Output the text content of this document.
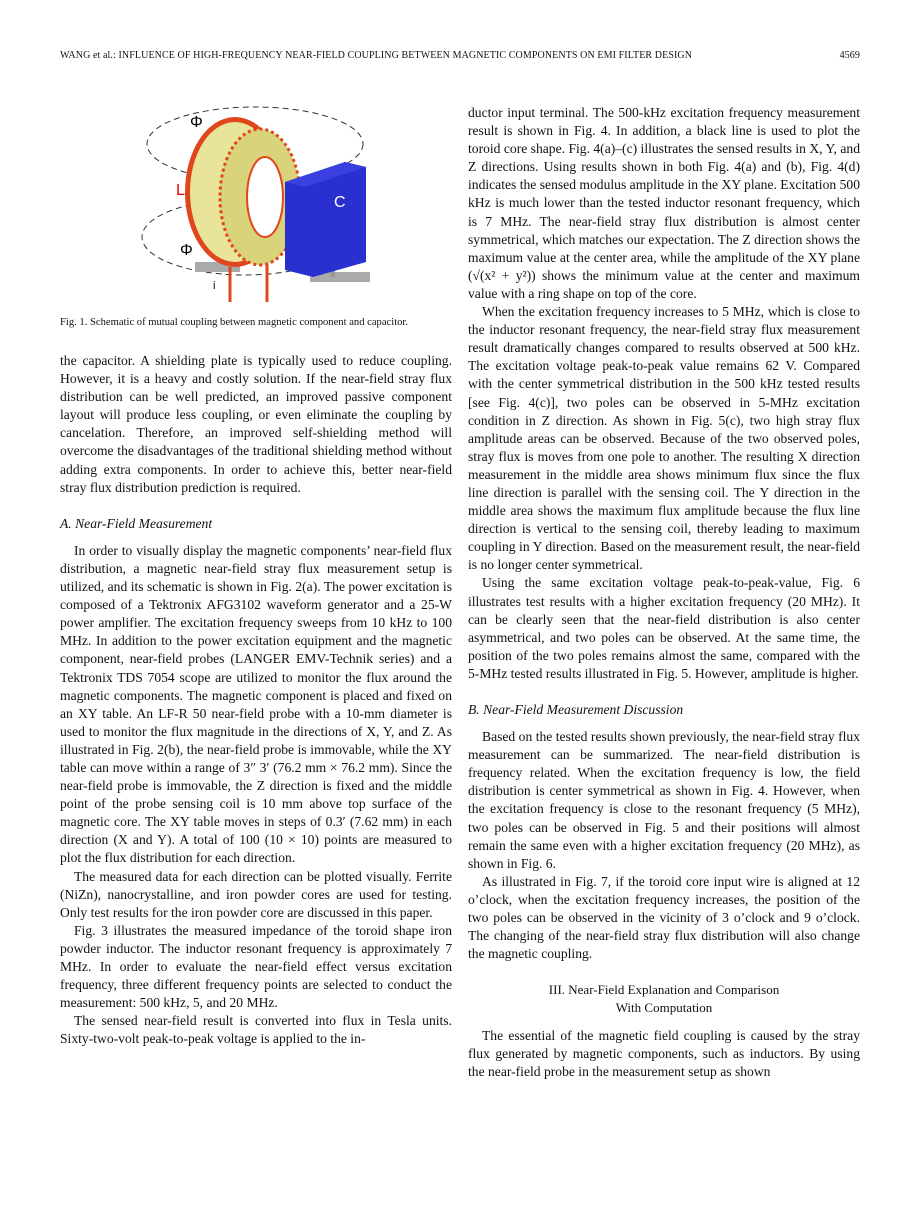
WANG et al.: INFLUENCE OF HIGH-FREQUENCY NEAR-FIELD COUPLING BETWEEN MAGNETIC COMPONENTS ON EMI FILTER DESIGN	4569
Φ
Φ
L
C
i
Fig. 1. Schematic of mutual coupling between magnetic component and capacitor.

the capacitor. A shielding plate is typically used to reduce coupling. However, it is a heavy and costly solution. If the near-field stray flux distribution can be well predicted, an improved passive component layout will produce less coupling, or even eliminate the coupling by cancelation. Therefore, an improved self-shielding method will overcome the disadvantages of the traditional shielding method without adding extra components. In order to achieve this, better near-field stray flux distribution prediction is required.

A. Near-Field Measurement

In order to visually display the magnetic components’ near-field flux distribution, a magnetic near-field stray flux measurement setup is utilized, and its schematic is shown in Fig. 2(a). The power excitation is composed of a Tektronix AFG3102 waveform generator and a 25-W power amplifier. The excitation frequency sweeps from 10 kHz to 100 MHz. In addition to the power excitation equipment and the magnetic component, near-field probes (LANGER EMV-Technik series) and a Tektronix TDS 7054 scope are utilized to monitor the flux around the magnetic components. The magnetic component is placed and fixed on an XY table. An LF-R 50 near-field probe with a 10-mm diameter is used to monitor the flux magnitude in the directions of X, Y, and Z. As illustrated in Fig. 2(b), the near-field probe is immovable, while the XY table can move within a range of 3″ 3′ (76.2 mm × 76.2 mm). Since the near-field probe is immovable, the Z direction is fixed and the middle point of the probe sensing coil is 10 mm above top surface of the magnetic core. The XY table moves in steps of 0.3′ (7.62 mm) in each direction (X and Y). A total of 100 (10 × 10) points are measured to plot the flux distribution for each direction.

The measured data for each direction can be plotted visually. Ferrite (NiZn), nanocrystalline, and iron powder cores are used for testing. Only test results for the iron powder core are discussed in this paper.

Fig. 3 illustrates the measured impedance of the toroid shape iron powder inductor. The inductor resonant frequency is approximately 7 MHz. In order to evaluate the near-field effect versus excitation frequency, three different frequency points are selected to conduct the measurement: 500 kHz, 5, and 20 MHz.

The sensed near-field result is converted into flux in Tesla units. Sixty-two-volt peak-to-peak voltage is applied to the in-

ductor input terminal. The 500-kHz excitation frequency measurement result is shown in Fig. 4. In addition, a black line is used to plot the toroid core shape. Fig. 4(a)–(c) illustrates the sensed results in X, Y, and Z directions. Using results shown in both Fig. 4(a) and (b), Fig. 4(d) indicates the sensed modulus amplitude in the XY plane. Excitation 500 kHz is much lower than the tested inductor resonant frequency, which is 7 MHz. The near-field stray flux distribution is almost center symmetrical, which matches our expectation. The Z direction shows the maximum value at the center area, while the amplitude of the XY plane (√(x² + y²)) shows the minimum value at the center and maximum value with a ring shape on top of the core.

When the excitation frequency increases to 5 MHz, which is close to the inductor resonant frequency, the near-field stray flux measurement result dramatically changes compared to results observed at 500 kHz. The excitation voltage peak-to-peak value remains 62 V. Compared with the center symmetrical distribution in the 500 kHz tested results [see Fig. 4(c)], two poles can be observed in 5-MHz excitation condition in Z direction. As shown in Fig. 5(c), two high stray flux amplitude areas can be observed. Because of the two observed poles, stray flux is moves from one pole to another. The resulting X direction measurement in the middle area shows minimum flux since the flux line direction is parallel with the sensing coil. The Y direction in the middle area shows the maximum flux amplitude because the flux line direction is vertical to the sensing coil, thereby leading to maximum coupling in Y direction. Based on the measurement result, the near-field is no longer center symmetrical.

Using the same excitation voltage peak-to-peak-value, Fig. 6 illustrates test results with a higher excitation frequency (20 MHz). It can be clearly seen that the near-field distribution is also center asymmetrical, and two poles can be observed. At the same time, the position of the two poles remains almost the same, compared with the 5-MHz tested results illustrated in Fig. 5. However, amplitude is higher.

B. Near-Field Measurement Discussion

Based on the tested results shown previously, the near-field stray flux measurement can be summarized. The near-field distribution is frequency related. When the excitation frequency is low, the field distribution is center symmetrical as shown in Fig. 4. However, when the excitation frequency is close to the resonant frequency (5 MHz), two poles can be observed in Fig. 5 and their positions will almost remain the same even with a higher excitation frequency (20 MHz), as shown in Fig. 6.

As illustrated in Fig. 7, if the toroid core input wire is aligned at 12 o’clock, when the excitation frequency increases, the position of the two poles can be observed in the vicinity of 3 o’clock and 9 o’clock. The changing of the near-field stray flux distribution will also change the magnetic coupling.

III. Near-Field Explanation and Comparison
With Computation

The essential of the magnetic field coupling is caused by the stray flux generated by magnetic components, such as inductors. By using the near-field probe in the measurement setup as shown
